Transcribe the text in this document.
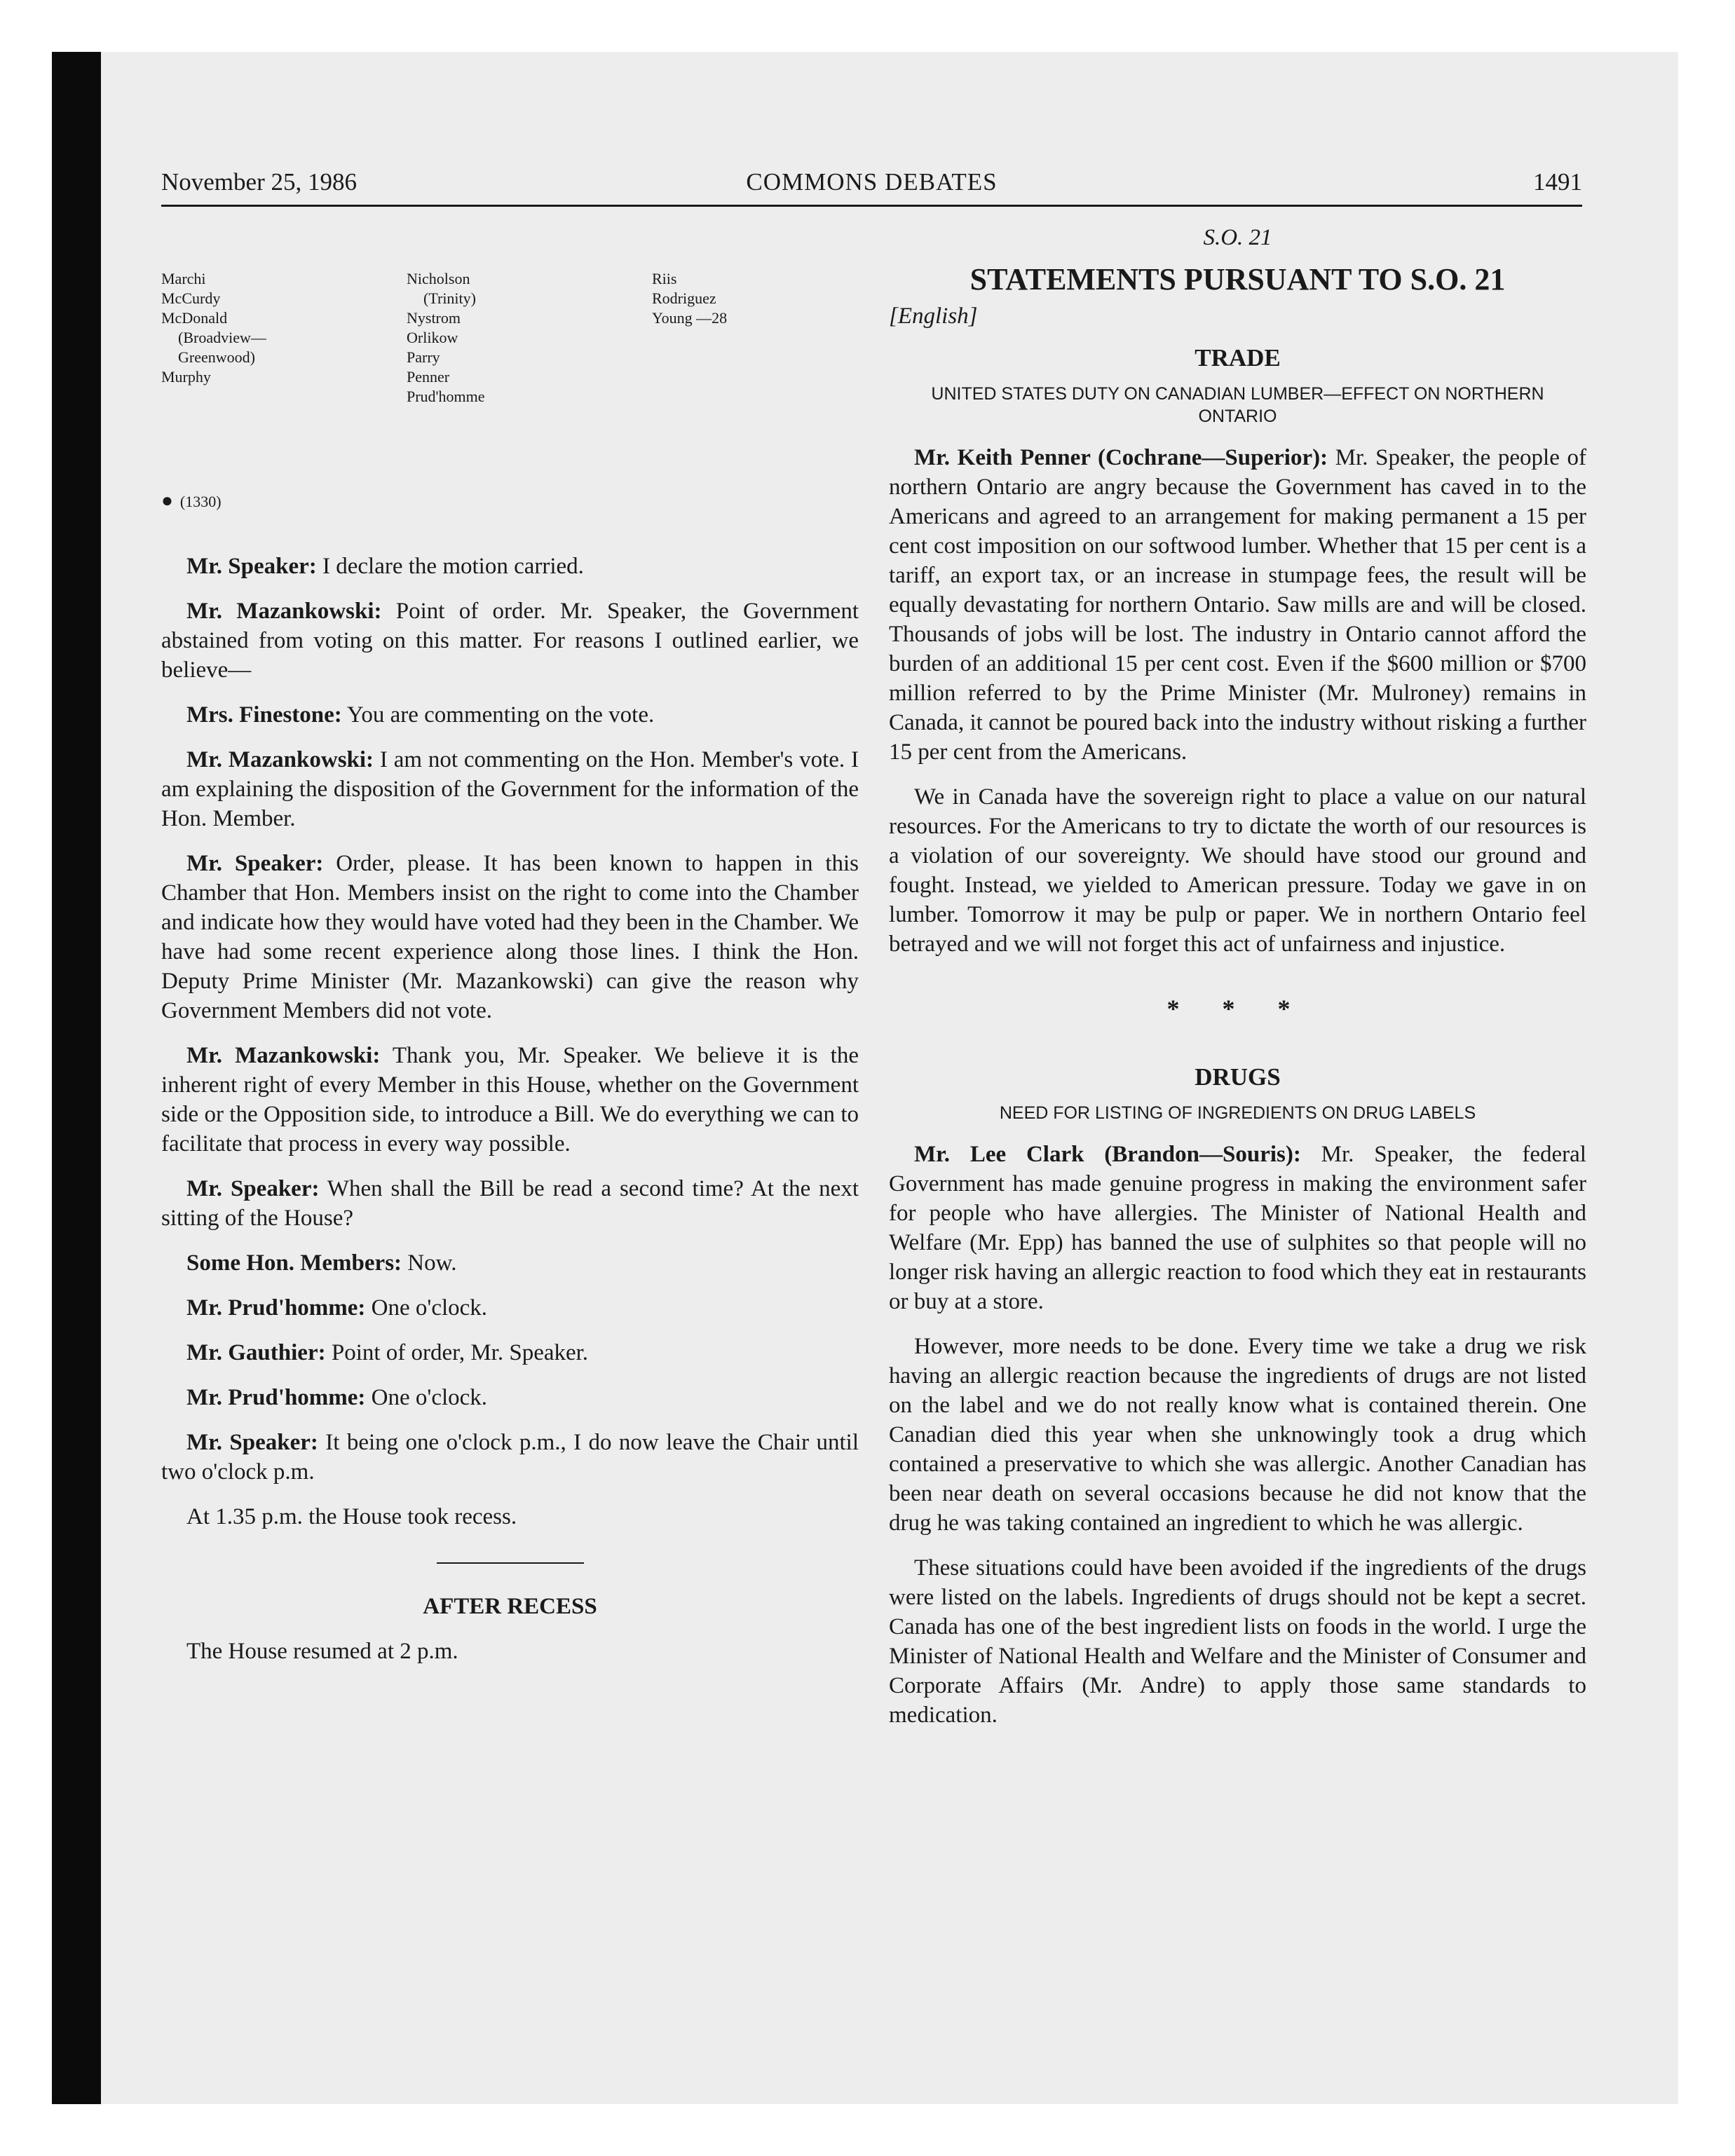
November 25, 1986	COMMONS DEBATES	1491
Marchi
McCurdy
McDonald
(Broadview—
Greenwood)
Murphy
Nicholson
(Trinity)
Nystrom
Orlikow
Parry
Penner
Prud'homme
Riis
Rodriguez
Young —28
● (1330)

Mr. Speaker: I declare the motion carried.

Mr. Mazankowski: Point of order. Mr. Speaker, the Government abstained from voting on this matter. For reasons I outlined earlier, we believe—

Mrs. Finestone: You are commenting on the vote.

Mr. Mazankowski: I am not commenting on the Hon. Member's vote. I am explaining the disposition of the Government for the information of the Hon. Member.

Mr. Speaker: Order, please. It has been known to happen in this Chamber that Hon. Members insist on the right to come into the Chamber and indicate how they would have voted had they been in the Chamber. We have had some recent experience along those lines. I think the Hon. Deputy Prime Minister (Mr. Mazankowski) can give the reason why Government Members did not vote.

Mr. Mazankowski: Thank you, Mr. Speaker. We believe it is the inherent right of every Member in this House, whether on the Government side or the Opposition side, to introduce a Bill. We do everything we can to facilitate that process in every way possible.

Mr. Speaker: When shall the Bill be read a second time? At the next sitting of the House?

Some Hon. Members: Now.

Mr. Prud'homme: One o'clock.

Mr. Gauthier: Point of order, Mr. Speaker.

Mr. Prud'homme: One o'clock.

Mr. Speaker: It being one o'clock p.m., I do now leave the Chair until two o'clock p.m.

At 1.35 p.m. the House took recess.

AFTER RECESS

The House resumed at 2 p.m.

S.O. 21
STATEMENTS PURSUANT TO S.O. 21
[English]
TRADE
UNITED STATES DUTY ON CANADIAN LUMBER—EFFECT ON NORTHERN ONTARIO

Mr. Keith Penner (Cochrane—Superior): Mr. Speaker, the people of northern Ontario are angry because the Government has caved in to the Americans and agreed to an arrangement for making permanent a 15 per cent cost imposition on our softwood lumber. Whether that 15 per cent is a tariff, an export tax, or an increase in stumpage fees, the result will be equally devastating for northern Ontario. Saw mills are and will be closed. Thousands of jobs will be lost. The industry in Ontario cannot afford the burden of an additional 15 per cent cost. Even if the $600 million or $700 million referred to by the Prime Minister (Mr. Mulroney) remains in Canada, it cannot be poured back into the industry without risking a further 15 per cent from the Americans.

We in Canada have the sovereign right to place a value on our natural resources. For the Americans to try to dictate the worth of our resources is a violation of our sovereignty. We should have stood our ground and fought. Instead, we yielded to American pressure. Today we gave in on lumber. Tomorrow it may be pulp or paper. We in northern Ontario feel betrayed and we will not forget this act of unfairness and injustice.

* * *
DRUGS
NEED FOR LISTING OF INGREDIENTS ON DRUG LABELS

Mr. Lee Clark (Brandon—Souris): Mr. Speaker, the federal Government has made genuine progress in making the environment safer for people who have allergies. The Minister of National Health and Welfare (Mr. Epp) has banned the use of sulphites so that people will no longer risk having an allergic reaction to food which they eat in restaurants or buy at a store.

However, more needs to be done. Every time we take a drug we risk having an allergic reaction because the ingredients of drugs are not listed on the label and we do not really know what is contained therein. One Canadian died this year when she unknowingly took a drug which contained a preservative to which she was allergic. Another Canadian has been near death on several occasions because he did not know that the drug he was taking contained an ingredient to which he was allergic.

These situations could have been avoided if the ingredients of the drugs were listed on the labels. Ingredients of drugs should not be kept a secret. Canada has one of the best ingredient lists on foods in the world. I urge the Minister of National Health and Welfare and the Minister of Consumer and Corporate Affairs (Mr. Andre) to apply those same standards to medication.
